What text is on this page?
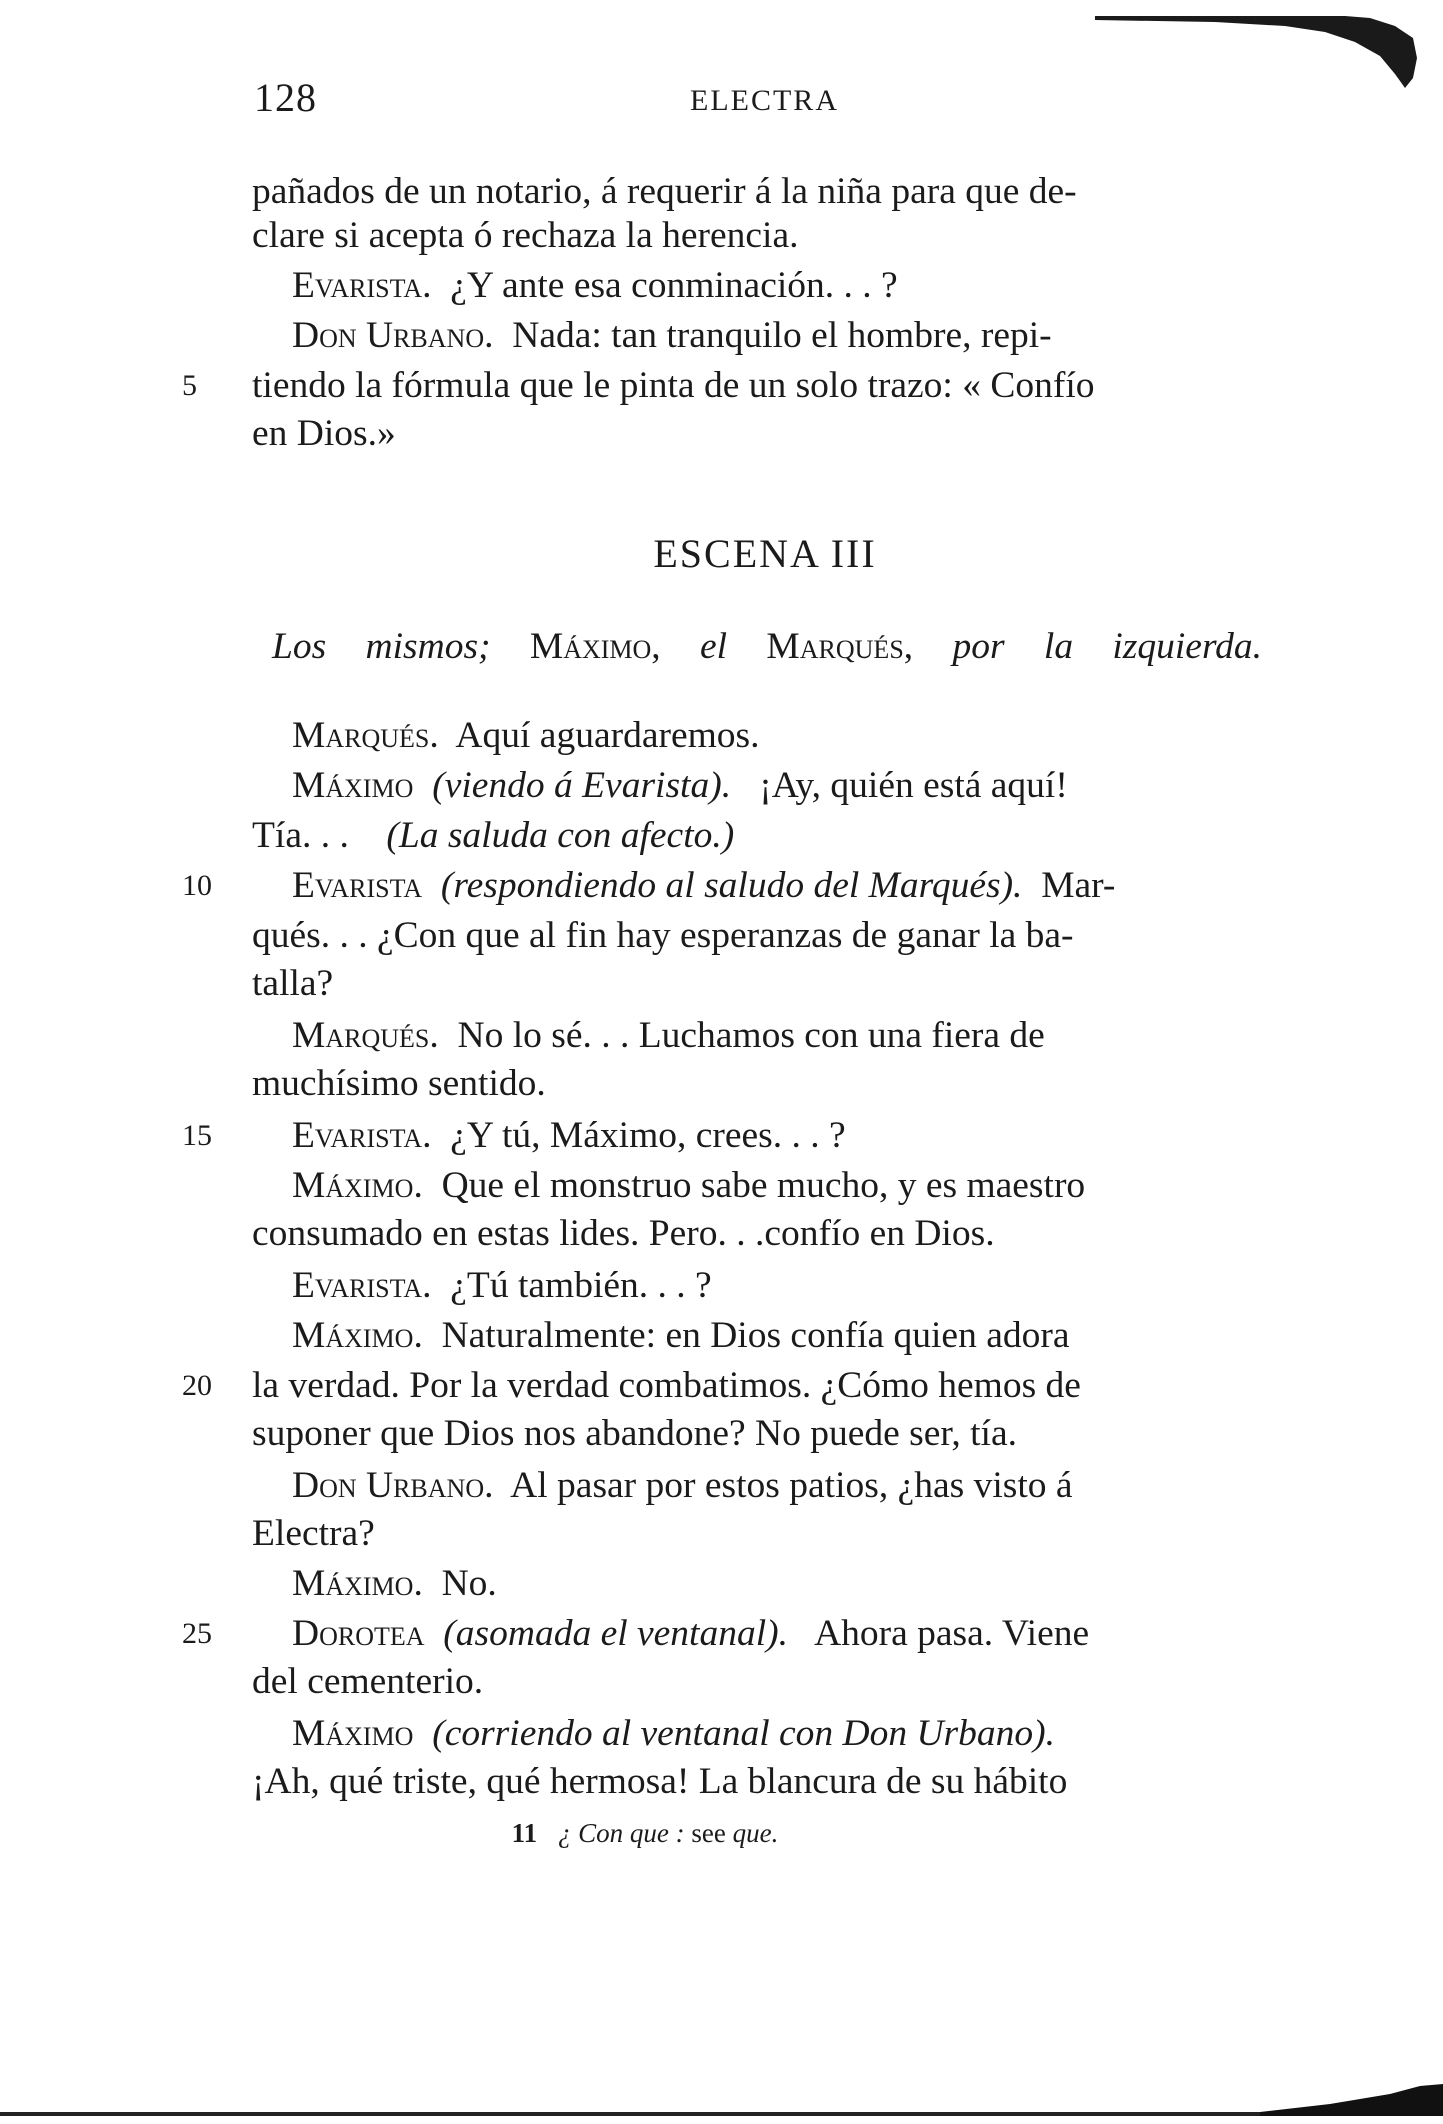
128	ELECTRA
pañados de un notario, á requerir á la niña para que de-
clare si acepta ó rechaza la herencia.
Evarista. ¿Y ante esa conminación. . . ?
Don Urbano. Nada: tan tranquilo el hombre, repi-
5 tiendo la fórmula que le pinta de un solo trazo: « Confío
en Dios.»
ESCENA III
Los mismos; Máximo, el Marqués, por la izquierda.
Marqués. Aquí aguardaremos.
Máximo (viendo á Evarista). ¡Ay, quién está aquí!
Tía. . . (La saluda con afecto.)
10 Evarista (respondiendo al saludo del Marqués). Mar-
qués. . . ¿Con que al fin hay esperanzas de ganar la ba-
talla?
Marqués. No lo sé. . . Luchamos con una fiera de
muchísimo sentido.
15 Evarista. ¿Y tú, Máximo, crees. . . ?
Máximo. Que el monstruo sabe mucho, y es maestro
consumado en estas lides. Pero. . .confío en Dios.
Evarista. ¿Tú también. . . ?
Máximo. Naturalmente: en Dios confía quien adora
20 la verdad. Por la verdad combatimos. ¿Cómo hemos de
suponer que Dios nos abandone? No puede ser, tía.
Don Urbano. Al pasar por estos patios, ¿has visto á
Electra?
Máximo. No.
25 Dorotea (asomada el ventanal). Ahora pasa. Viene
del cementerio.
Máximo (corriendo al ventanal con Don Urbano).
¡Ah, qué triste, qué hermosa! La blancura de su hábito
11 ¿ Con que : see que.
